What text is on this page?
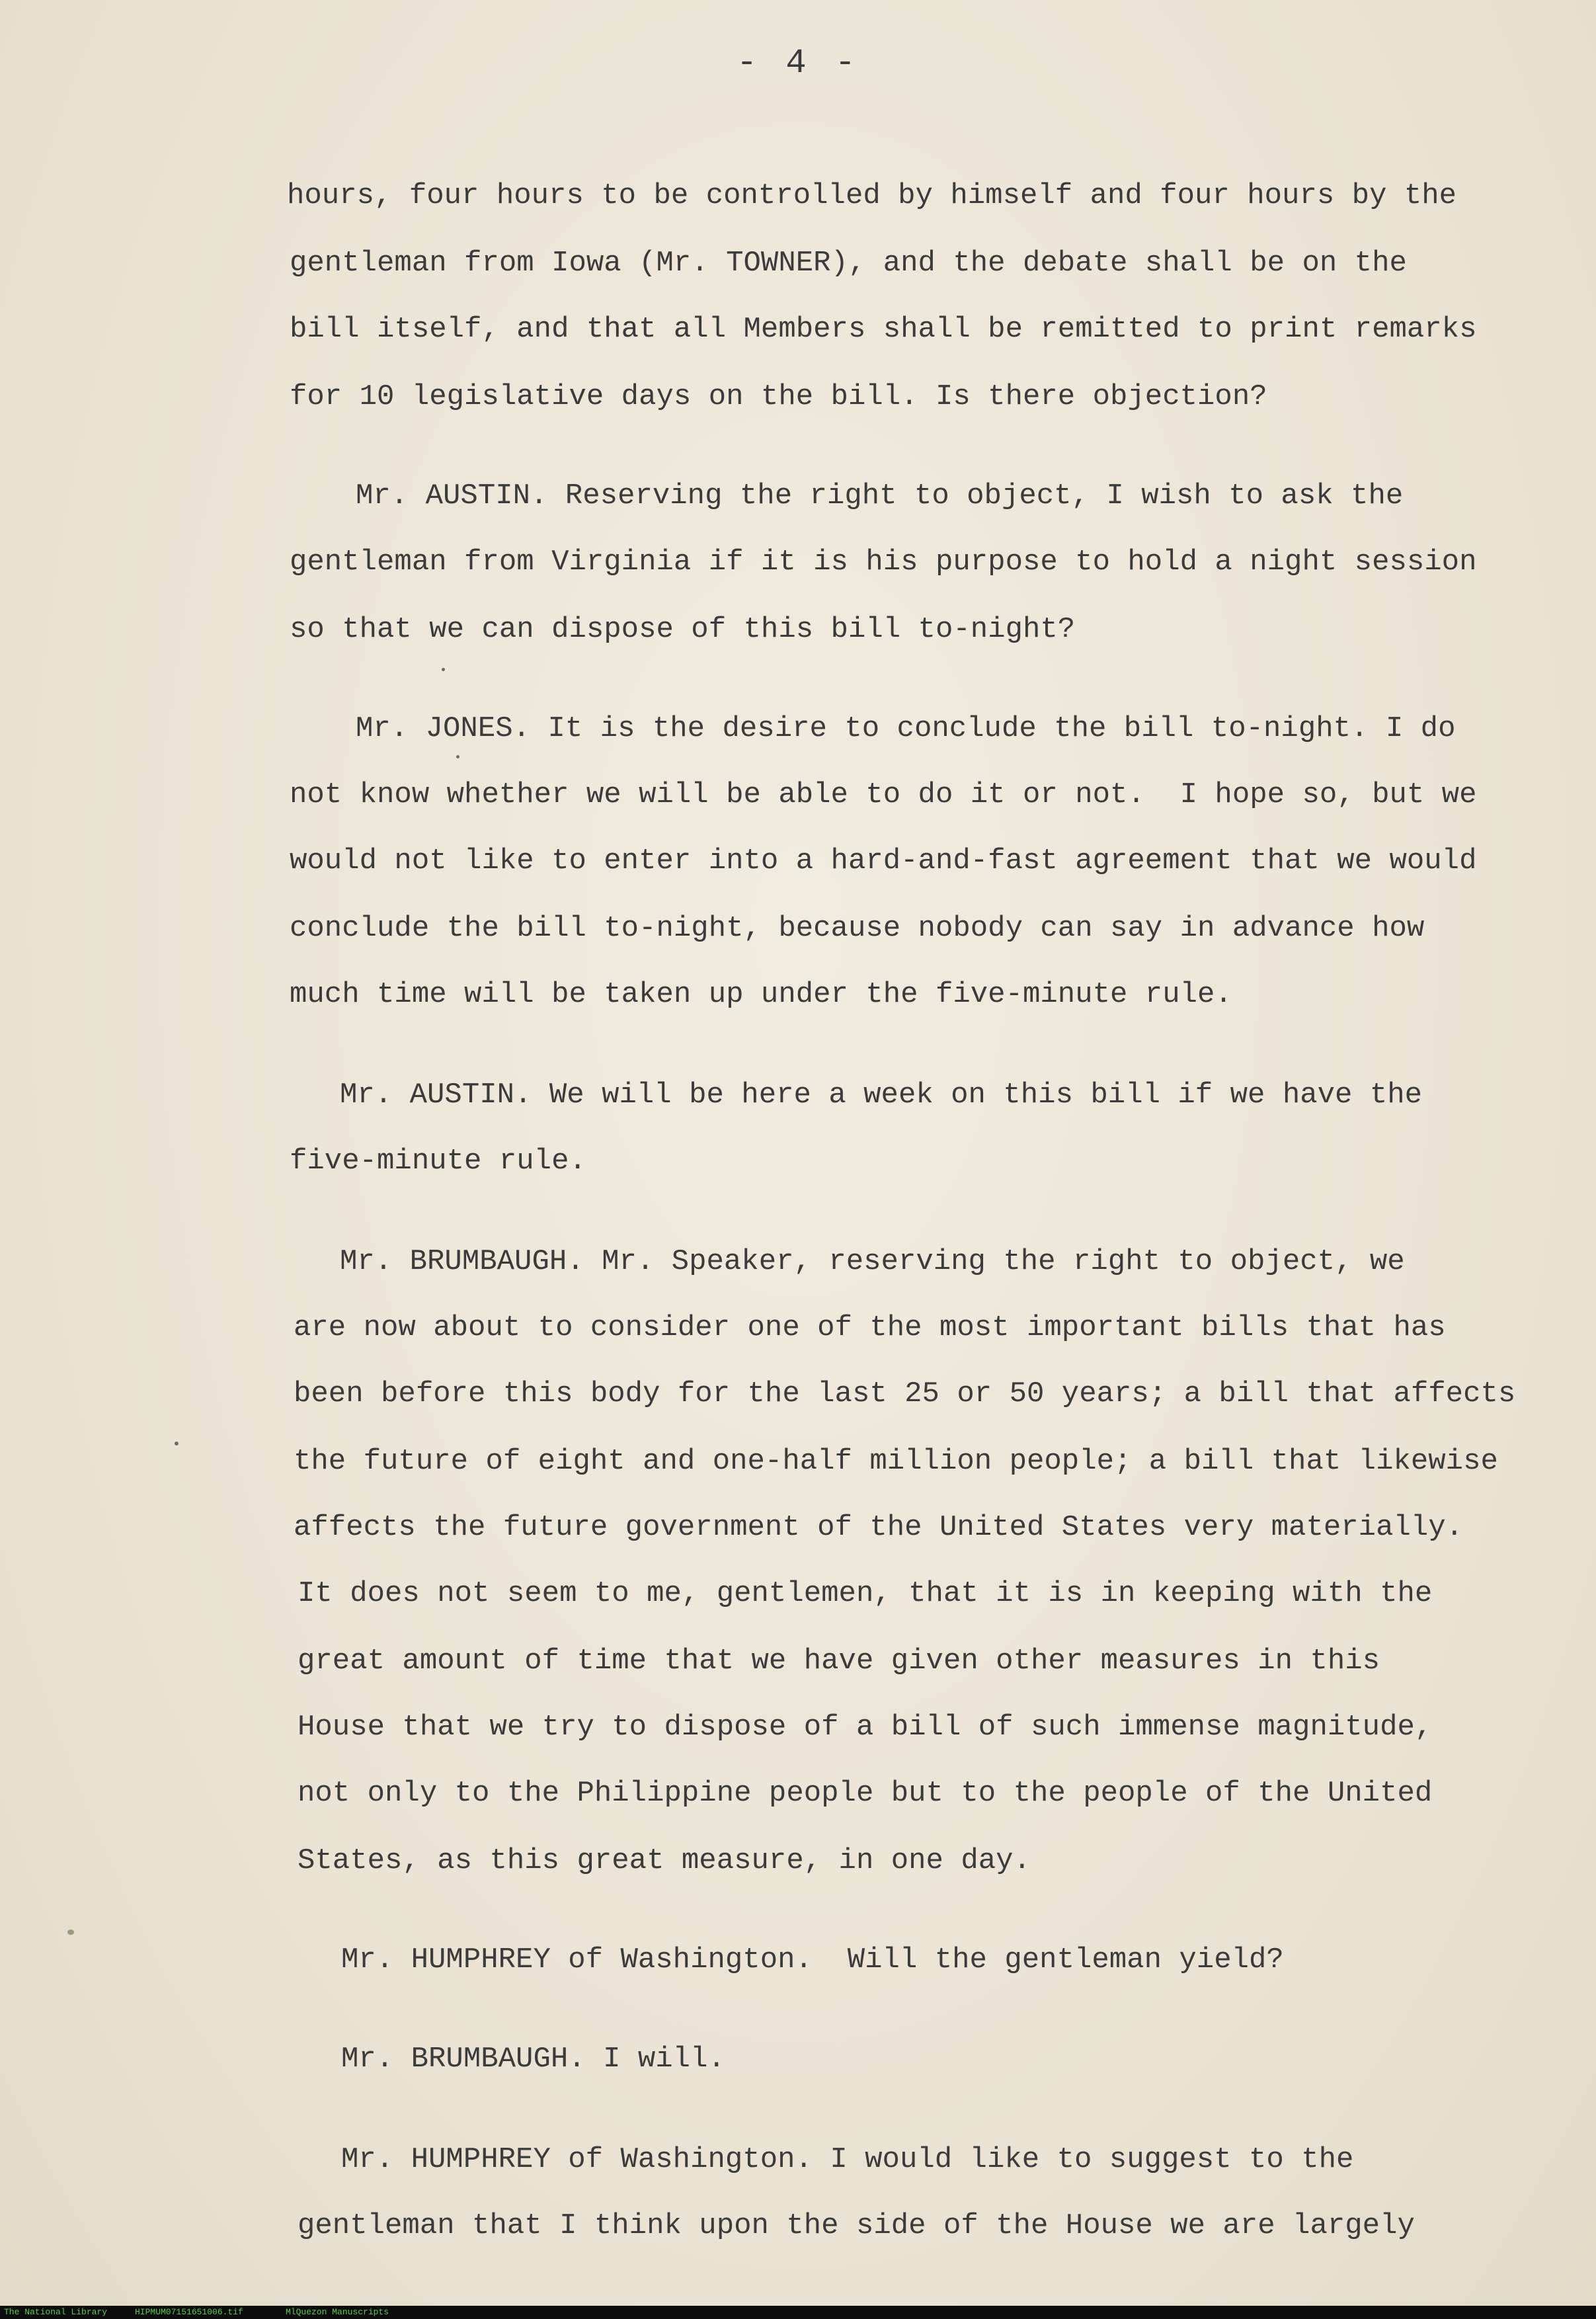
- 4 -
hours, four hours to be controlled by himself and four hours by the
gentleman from Iowa (Mr. TOWNER), and the debate shall be on the
bill itself, and that all Members shall be remitted to print remarks
for 10 legislative days on the bill. Is there objection?
Mr. AUSTIN. Reserving the right to object, I wish to ask the
gentleman from Virginia if it is his purpose to hold a night session
so that we can dispose of this bill to-night?
Mr. JONES. It is the desire to conclude the bill to-night. I do
not know whether we will be able to do it or not.  I hope so, but we
would not like to enter into a hard-and-fast agreement that we would
conclude the bill to-night, because nobody can say in advance how
much time will be taken up under the five-minute rule.
Mr. AUSTIN. We will be here a week on this bill if we have the
five-minute rule.
Mr. BRUMBAUGH. Mr. Speaker, reserving the right to object, we
are now about to consider one of the most important bills that has
been before this body for the last 25 or 50 years; a bill that affects
the future of eight and one-half million people; a bill that likewise
affects the future government of the United States very materially.
It does not seem to me, gentlemen, that it is in keeping with the
great amount of time that we have given other measures in this
House that we try to dispose of a bill of such immense magnitude,
not only to the Philippine people but to the people of the United
States, as this great measure, in one day.
Mr. HUMPHREY of Washington.  Will the gentleman yield?
Mr. BRUMBAUGH. I will.
Mr. HUMPHREY of Washington. I would like to suggest to the
gentleman that I think upon the side of the House we are largely
The National Library	HIPMUM07151651006.tif	MlQuezon Manuscripts
